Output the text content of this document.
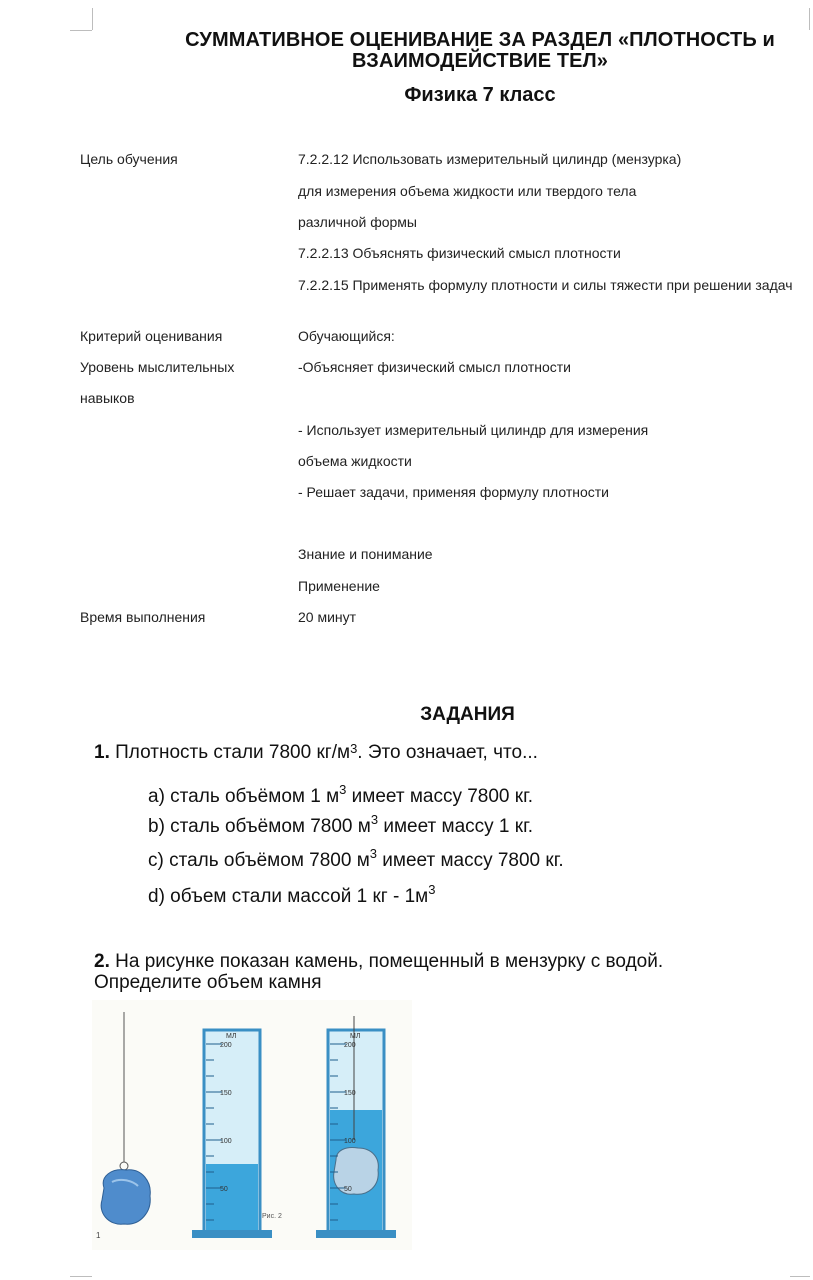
СУММАТИВНОЕ ОЦЕНИВАНИЕ ЗА РАЗДЕЛ «ПЛОТНОСТЬ и
ВЗАИМОДЕЙСТВИЕ ТЕЛ»
Физика 7 класс
Цель обучения	7.2.2.12 Использовать измерительный цилиндр (мензурка)
для измерения объема жидкости или твердого тела
различной формы
7.2.2.13 Объяснять физический смысл плотности
7.2.2.15 Применять формулу плотности и силы тяжести при решении задач
Критерий оценивания	Обучающийся:
Уровень мыслительных	-Объясняет физический смысл плотности
навыков
- Использует измерительный цилиндр для измерения
объема жидкости
- Решает задачи, применяя формулу плотности
Знание и понимание
Применение
Время выполнения	20 минут
ЗАДАНИЯ
1. Плотность стали 7800 $кг/м^3$. Это означает, что...
а) сталь объёмом 1 $м^3$ имеет массу 7800 кг.
b) сталь объёмом 7800 $м^3$ имеет массу 1 кг.
c) сталь объёмом 7800 $м^3$ имеет массу 7800 кг.
d) объем стали массой 1 кг - $1м^3$
2. На рисунке показан камень, помещенный в мензурку с водой.
Определите объем камня
1
МЛ
200
150
100
50
Рис. 2
МЛ
200
150
100
50
